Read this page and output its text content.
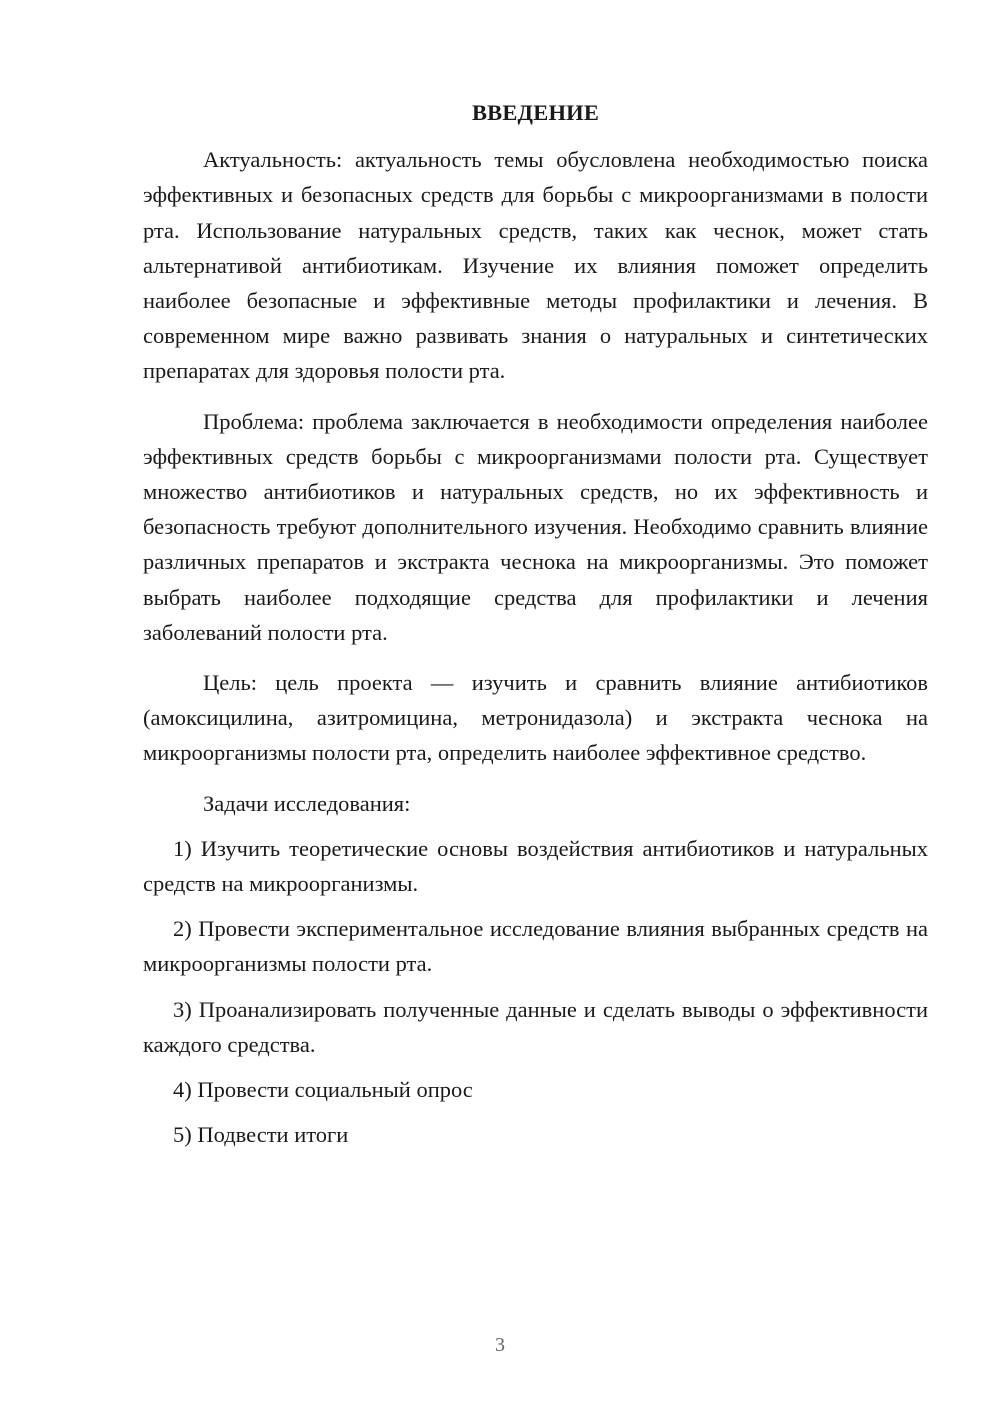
ВВЕДЕНИЕ

Актуальность: актуальность темы обусловлена необходимостью поиска эффективных и безопасных средств для борьбы с микроорганизмами в полости рта. Использование натуральных средств, таких как чеснок, может стать альтернативой антибиотикам. Изучение их влияния поможет определить наиболее безопасные и эффективные методы профилактики и лечения. В современном мире важно развивать знания о натуральных и синтетических препаратах для здоровья полости рта.

Проблема: проблема заключается в необходимости определения наиболее эффективных средств борьбы с микроорганизмами полости рта. Существует множество антибиотиков и натуральных средств, но их эффективность и безопасность требуют дополнительного изучения. Необходимо сравнить влияние различных препаратов и экстракта чеснока на микроорганизмы. Это поможет выбрать наиболее подходящие средства для профилактики и лечения заболеваний полости рта.

Цель: цель проекта — изучить и сравнить влияние антибиотиков (амоксицилина, азитромицина, метронидазола) и экстракта чеснока на микроорганизмы полости рта, определить наиболее эффективное средство.

Задачи исследования:

1) Изучить теоретические основы воздействия антибиотиков и натуральных средств на микроорганизмы.

2) Провести экспериментальное исследование влияния выбранных средств на микроорганизмы полости рта.

3) Проанализировать полученные данные и сделать выводы о эффективности каждого средства.

4) Провести социальный опрос

5) Подвести итоги

3
